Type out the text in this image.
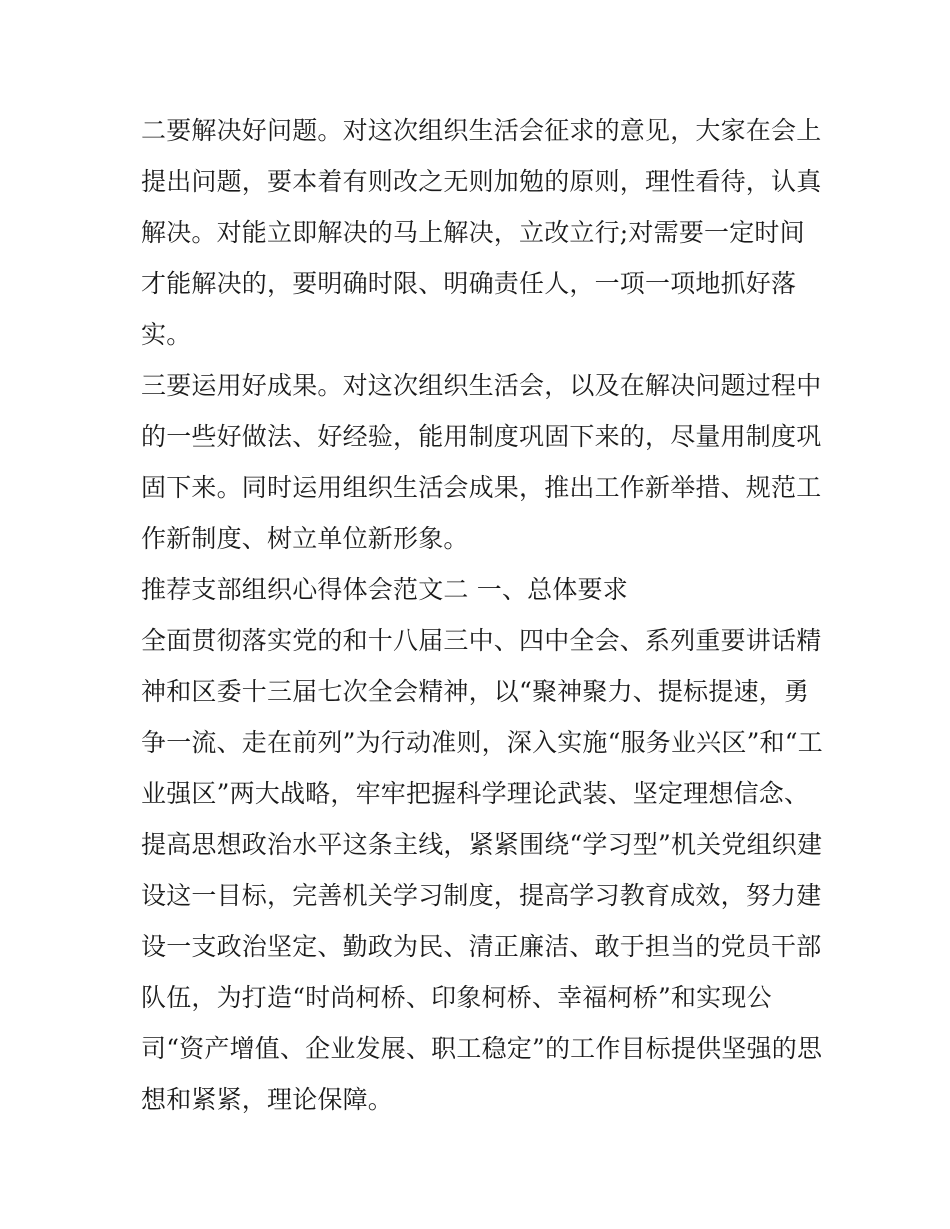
二要解决好问题。对这次组织生活会征求的意见，大家在会上
提出问题，要本着有则改之无则加勉的原则，理性看待，认真
解决。对能立即解决的马上解决，立改立行;对需要一定时间
才能解决的，要明确时限、明确责任人，一项一项地抓好落
实。
三要运用好成果。对这次组织生活会，以及在解决问题过程中
的一些好做法、好经验，能用制度巩固下来的，尽量用制度巩
固下来。同时运用组织生活会成果，推出工作新举措、规范工
作新制度、树立单位新形象。
推荐支部组织心得体会范文二 一、总体要求
全面贯彻落实党的和十八届三中、四中全会、系列重要讲话精
神和区委十三届七次全会精神，以“聚神聚力、提标提速，勇
争一流、走在前列”为行动准则，深入实施“服务业兴区”和“工
业强区”两大战略，牢牢把握科学理论武装、坚定理想信念、
提高思想政治水平这条主线，紧紧围绕“学习型”机关党组织建
设这一目标，完善机关学习制度，提高学习教育成效，努力建
设一支政治坚定、勤政为民、清正廉洁、敢于担当的党员干部
队伍，为打造“时尚柯桥、印象柯桥、幸福柯桥”和实现公
司“资产增值、企业发展、职工稳定”的工作目标提供坚强的思
想和紧紧，理论保障。
